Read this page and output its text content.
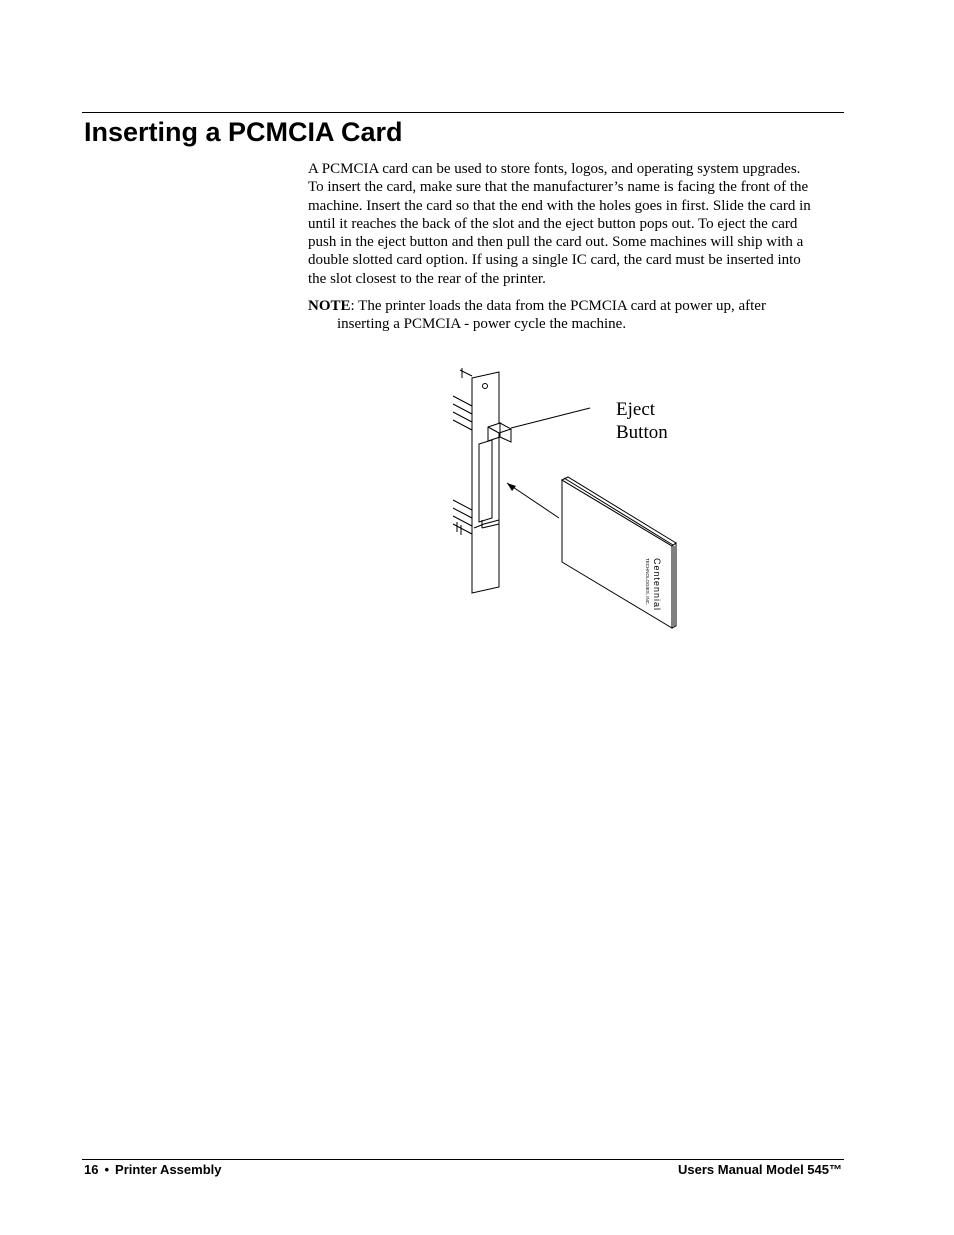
Inserting a PCMCIA Card

A PCMCIA card can be used to store fonts, logos, and operating system upgrades.

To insert the card, make sure that the manufacturer’s name is facing the front of the

machine. Insert the card so that the end with the holes goes in first. Slide the card in

until it reaches the back of the slot and the eject button pops out. To eject the card

push in the eject button and then pull the card out. Some machines will ship with a

double slotted card option. If using a single IC card, the card must be inserted into

the slot closest to the rear of the printer.

NOTE: The printer loads the data from the PCMCIA card at power up, after
inserting a PCMCIA - power cycle the machine.
Centennial
TECHNOLOGIES, INC.
Eject
Button
16 • Printer Assembly	Users Manual Model 545™
